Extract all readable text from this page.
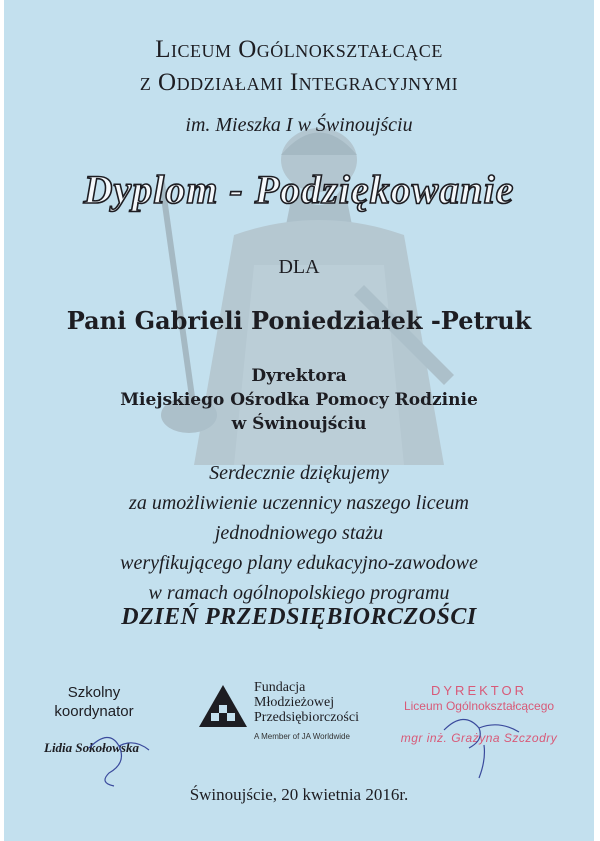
Liceum Ogólnokształcące
z Oddziałami Integracyjnymi
im. Mieszka I w Świnoujściu
Dyplom - Podziękowanie
DLA
Pani Gabrieli Poniedziałek -Petruk
Dyrektora
Miejskiego Ośrodka Pomocy Rodzinie
w Świnoujściu
Serdecznie dziękujemy
za umożliwienie uczennicy naszego liceum
jednodniowego stażu
weryfikującego plany edukacyjno-zawodowe
w ramach ogólnopolskiego programu
DZIEŃ PRZEDSIĘBIORCZOŚCI
Szkolny
koordynator
Lidia Sokołowska
Fundacja
Młodzieżowej
Przedsiębiorczości
A Member of JA Worldwide
DYREKTOR
Liceum Ogólnokształcącego
mgr inż. Grażyna Szczodry
Świnoujście, 20 kwietnia 2016r.
